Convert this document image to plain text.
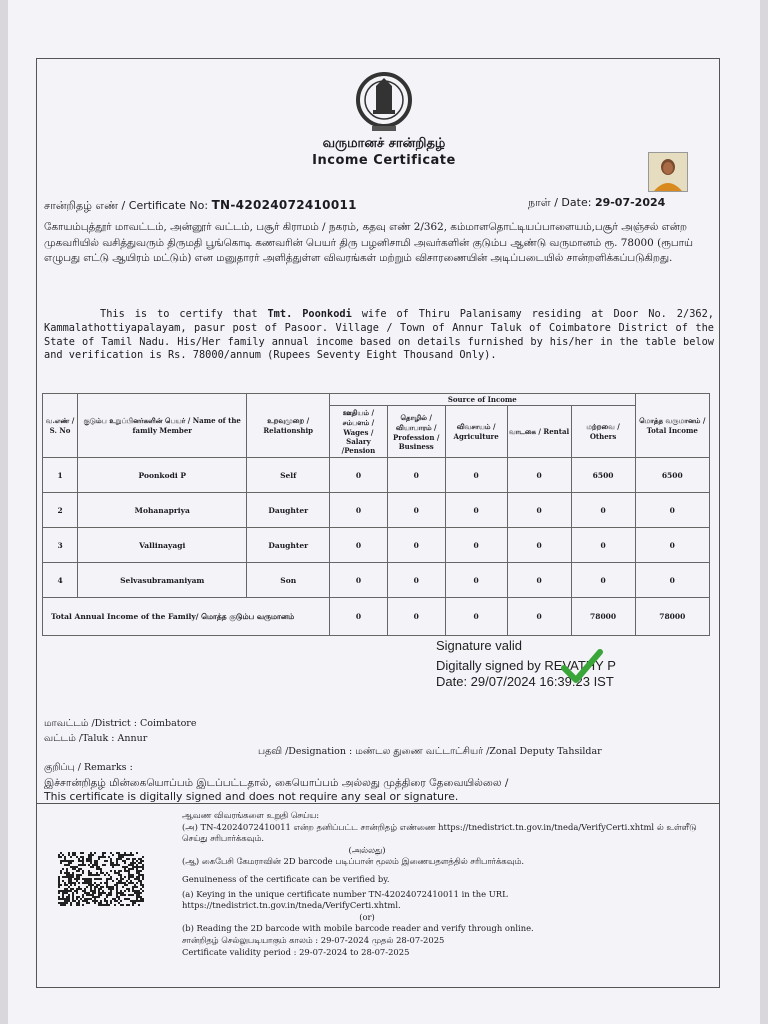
வருமானச் சான்றிதழ்
Income Certificate
சான்றிதழ் எண் / Certificate No: TN-42024072410011	நாள் / Date: 29-07-2024
கோயம்புத்தூர் மாவட்டம், அன்னூர் வட்டம், பசூர் கிராமம் / நகரம், கதவு எண் 2/362, கம்மாளதொட்டியப்பாளையம்,பசூர் அஞ்சல் என்ற முகவரியில் வசித்துவரும் திருமதி பூங்கொடி கணவரின் பெயர் திரு பழனிசாமி அவர்களின் குடும்ப ஆண்டு வருமானம் ரூ. 78000 (ரூபாய் எழுபது எட்டு ஆயிரம் மட்டும்) என மனுதாரர் அளித்துள்ள விவரங்கள் மற்றும் விசாரணையின் அடிப்படையில் சான்றளிக்கப்படுகிறது.
This is to certify that Tmt. Poonkodi wife of Thiru Palanisamy residing at Door No. 2/362, Kammalathottiyapalayam, pasur post of Pasoor. Village / Town of Annur Taluk of Coimbatore District of the State of Tamil Nadu. His/Her family annual income based on details furnished by his/her in the table below and verification is Rs. 78000/annum (Rupees Seventy Eight Thousand Only).
வ.எண் / S. No	குடும்ப உறுப்பினர்களின் பெயர் / Name of the family Member	உறவுமுறை / Relationship	Source of Income					மொத்த வருமானம் / Total Income
			ஊதியம் / சம்பளம் / Wages / Salary /Pension	தொழில் / வியாபாரம் / Profession / Business	விவசாயம் / Agriculture	வாடகை / Rental	மற்றவை / Others	
1	Poonkodi P	Self	0	0	0	0	6500	6500
2	Mohanapriya	Daughter	0	0	0	0	0	0
3	Vallinayagi	Daughter	0	0	0	0	0	0
4	Selvasubramaniyam	Son	0	0	0	0	0	0
Total Annual Income of the Family/ மொத்த குடும்ப வருமானம்			0	0	0	0	78000	78000
Signature valid
Digitally signed by REVATHY P
Date: 29/07/2024 16:39:23 IST
மாவட்டம் /District : Coimbatore
வட்டம் /Taluk : Annur
பதவி /Designation : மண்டல துணை வட்டாட்சியர் /Zonal Deputy Tahsildar
குறிப்பு / Remarks :
இச்சான்றிதழ் மின்கையொப்பம் இடப்பட்டதால், கையொப்பம் அல்லது முத்திரை தேவையில்லை /
This certificate is digitally signed and does not require any seal or signature.
ஆவண விவரங்களை உறுதி செய்ய:
(அ) TN-42024072410011 என்ற தனிப்பட்ட சான்றிதழ் எண்ணை https://tnedistrict.tn.gov.in/tneda/VerifyCerti.xhtml ல் உள்ளீடு செய்து சரிபார்க்கவும்.
(அல்லது)
(ஆ) கைபேசி கேமராவின் 2D barcode படிப்பான் மூலம் இணையதளத்தில் சரிபார்க்கவும்.
Genuineness of the certificate can be verified by.
(a) Keying in the unique certificate number TN-42024072410011 in the URL https://tnedistrict.tn.gov.in/tneda/VerifyCerti.xhtml.
(or)
(b) Reading the 2D barcode with mobile barcode reader and verify through online.
சான்றிதழ் செல்லுபடியாகும் காலம் : 29-07-2024 முதல் 28-07-2025
Certificate validity period : 29-07-2024 to 28-07-2025
